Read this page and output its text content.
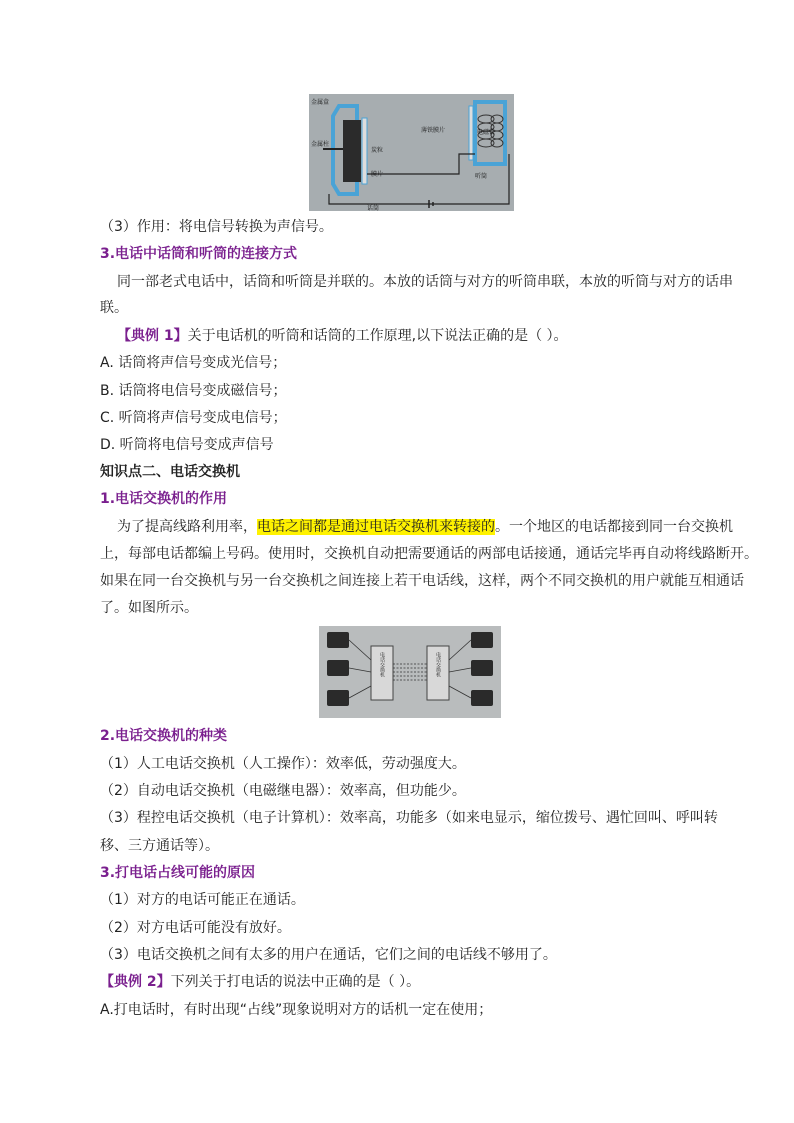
金属盒
金属柱
炭粒
膜片
薄铁膜片	电磁铁
听筒
话筒
（3）作用：将电信号转换为声信号。
3.电话中话筒和听筒的连接方式
同一部老式电话中，话筒和听筒是并联的。本放的话筒与对方的听筒串联，本放的听筒与对方的话串
联。
【典例 1】关于电话机的听筒和话筒的工作原理,以下说法正确的是（ ）。
A. 话筒将声信号变成光信号；
B. 话筒将电信号变成磁信号；
C. 听筒将声信号变成电信号；
D. 听筒将电信号变成声信号
知识点二、电话交换机
1.电话交换机的作用
为了提高线路利用率，电话之间都是通过电话交换机来转接的。一个地区的电话都接到同一台交换机
上，每部电话都编上号码。使用时，交换机自动把需要通话的两部电话接通，通话完毕再自动将线路断开。
如果在同一台交换机与另一台交换机之间连接上若干电话线，这样，两个不同交换机的用户就能互相通话
了。如图所示。
电话交换机	电话交换机
2.电话交换机的种类
（1）人工电话交换机（人工操作）：效率低，劳动强度大。
（2）自动电话交换机（电磁继电器）：效率高，但功能少。
（3）程控电话交换机（电子计算机）：效率高，功能多（如来电显示，缩位拨号、遇忙回叫、呼叫转
移、三方通话等）。
3.打电话占线可能的原因
（1）对方的电话可能正在通话。
（2）对方电话可能没有放好。
（3）电话交换机之间有太多的用户在通话，它们之间的电话线不够用了。
【典例 2】下列关于打电话的说法中正确的是（ ）。
A.打电话时，有时出现“占线”现象说明对方的话机一定在使用；
